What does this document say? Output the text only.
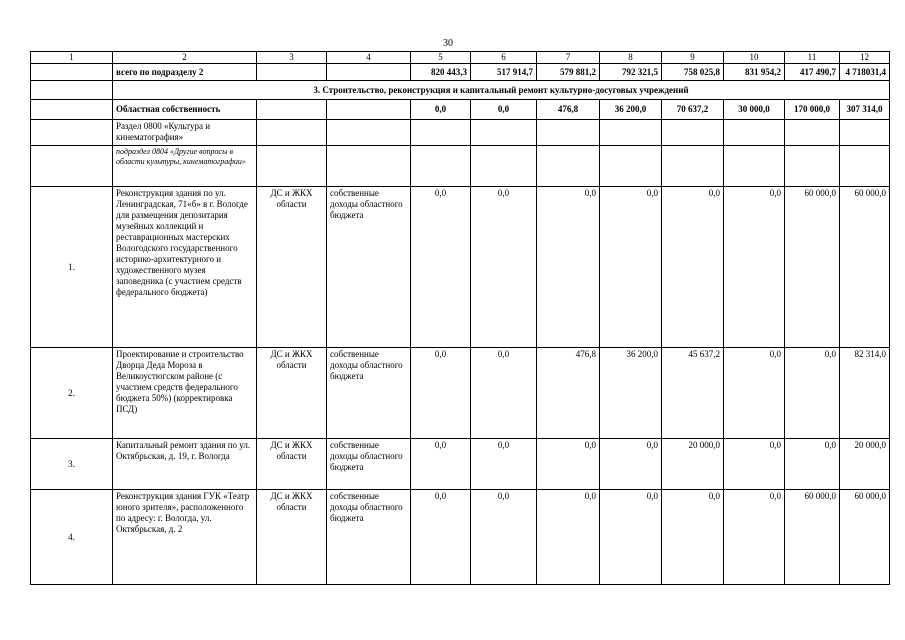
30
1	2	3	4	5	6	7	8	9	10	11	12
	всего по подразделу 2			820 443,3	517 914,7	579 881,2	792 321,5	758 025,8	831 954,2	417 490,7	4 718031,4
	3. Строительство, реконструкция и капитальный ремонт культурно-досуговых учреждений										
	Областная собственность			0,0	0,0	476,8	36 200,0	70 637,2	30 000,0	170 000,0	307 314,0
	Раздел 0800 «Культура и кинематография»										
	подраздел 0804 «Другие вопросы в области культуры, кинематографии»										
1.	Реконструкция здания по ул. Ленинградская, 71«б» в г. Вологде для размещения депозитария музейных коллекций и реставрационных мастерских Вологодского государственного историко-архитектурного и художественного музея заповедника (с участием средств федерального бюджета)	ДС и ЖКХ области	собственные доходы областного бюджета	0,0	0,0	0,0	0,0	0,0	0,0	60 000,0	60 000,0
2.	Проектирование и строительство Дворца Деда Мороза в Великоустюгском районе (с участием средств федерального бюджета 50%) (корректировка ПСД)	ДС и ЖКХ области	собственные доходы областного бюджета	0,0	0,0	476,8	36 200,0	45 637,2	0,0	0,0	82 314,0
3.	Капитальный ремонт здания по ул. Октябрьская, д. 19, г. Вологда	ДС и ЖКХ области	собственные доходы областного бюджета	0,0	0,0	0,0	0,0	20 000,0	0,0	0,0	20 000,0
4.	Реконструкция здания ГУК «Театр юного зрителя», расположенного по адресу: г. Вологда, ул. Октябрьская, д. 2	ДС и ЖКХ области	собственные доходы областного бюджета	0,0	0,0	0,0	0,0	0,0	0,0	60 000,0	60 000,0
